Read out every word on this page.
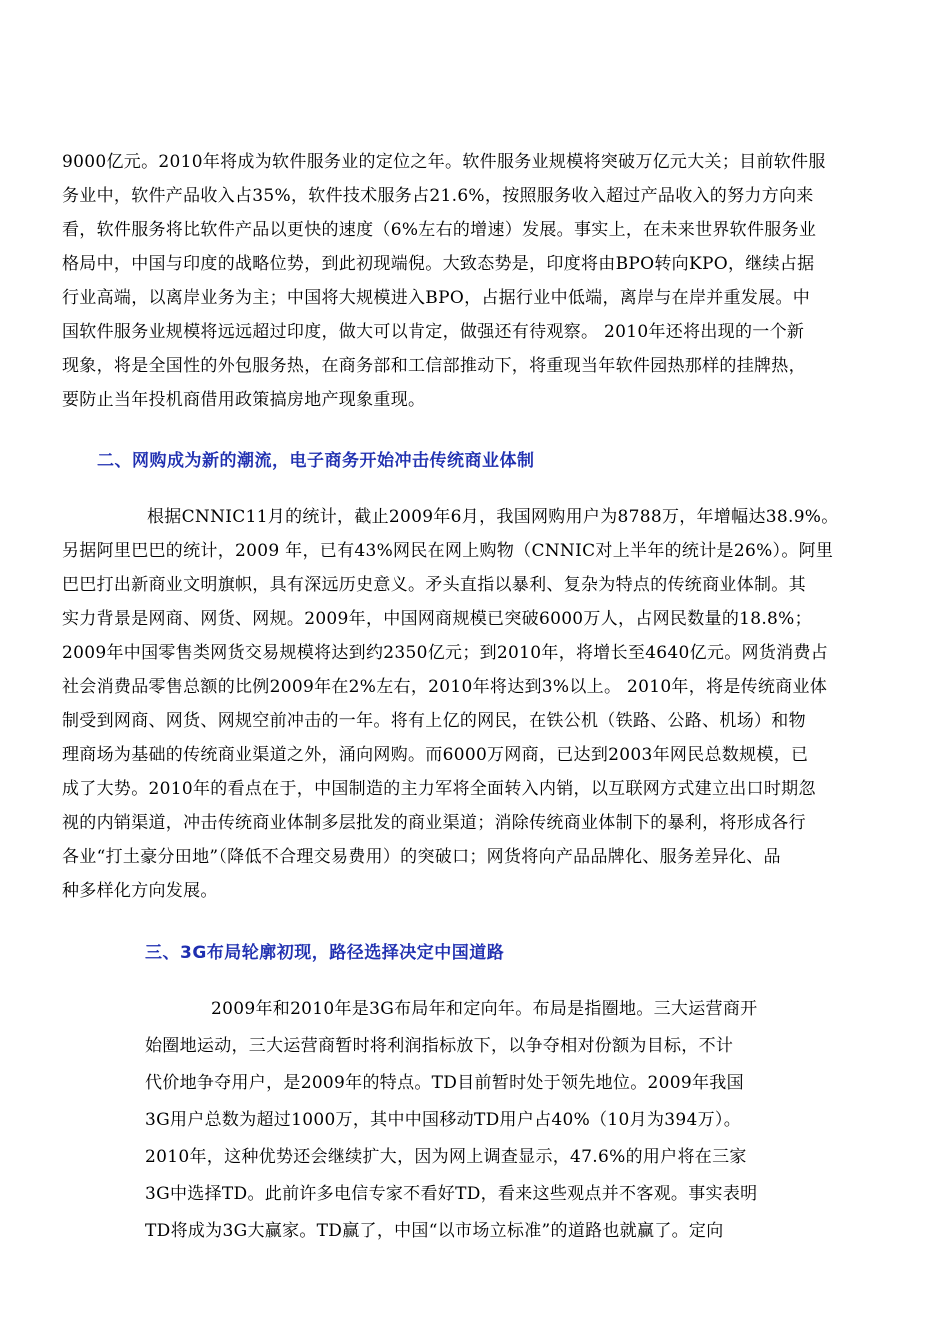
9000亿元。2010年将成为软件服务业的定位之年。软件服务业规模将突破万亿元大关；目前软件服
务业中，软件产品收入占35%，软件技术服务占21.6%，按照服务收入超过产品收入的努力方向来
看，软件服务将比软件产品以更快的速度（6%左右的增速）发展。事实上，在未来世界软件服务业
格局中，中国与印度的战略位势，到此初现端倪。大致态势是，印度将由BPO转向KPO，继续占据
行业高端，以离岸业务为主；中国将大规模进入BPO，占据行业中低端，离岸与在岸并重发展。中
国软件服务业规模将远远超过印度，做大可以肯定，做强还有待观察。 2010年还将出现的一个新
现象，将是全国性的外包服务热，在商务部和工信部推动下，将重现当年软件园热那样的挂牌热，
要防止当年投机商借用政策搞房地产现象重现。
二、网购成为新的潮流，电子商务开始冲击传统商业体制
根据CNNIC11月的统计，截止2009年6月，我国网购用户为8788万，年增幅达38.9%。
另据阿里巴巴的统计，2009 年，已有43%网民在网上购物（CNNIC对上半年的统计是26%）。阿里
巴巴打出新商业文明旗帜，具有深远历史意义。矛头直指以暴利、复杂为特点的传统商业体制。其
实力背景是网商、网货、网规。2009年，中国网商规模已突破6000万人，占网民数量的18.8%；
2009年中国零售类网货交易规模将达到约2350亿元；到2010年，将增长至4640亿元。网货消费占
社会消费品零售总额的比例2009年在2%左右，2010年将达到3%以上。 2010年，将是传统商业体
制受到网商、网货、网规空前冲击的一年。将有上亿的网民，在铁公机（铁路、公路、机场）和物
理商场为基础的传统商业渠道之外，涌向网购。而6000万网商，已达到2003年网民总数规模，已
成了大势。2010年的看点在于，中国制造的主力军将全面转入内销，以互联网方式建立出口时期忽
视的内销渠道，冲击传统商业体制多层批发的商业渠道；消除传统商业体制下的暴利，将形成各行
各业“打土豪分田地”（降低不合理交易费用）的突破口；网货将向产品品牌化、服务差异化、品
种多样化方向发展。
三、3G布局轮廓初现，路径选择决定中国道路
2009年和2010年是3G布局年和定向年。布局是指圈地。三大运营商开
始圈地运动，三大运营商暂时将利润指标放下，以争夺相对份额为目标，不计
代价地争夺用户，是2009年的特点。TD目前暂时处于领先地位。2009年我国
3G用户总数为超过1000万，其中中国移动TD用户占40%（10月为394万）。
2010年，这种优势还会继续扩大，因为网上调查显示，47.6%的用户将在三家
3G中选择TD。此前许多电信专家不看好TD，看来这些观点并不客观。事实表明
TD将成为3G大赢家。TD赢了，中国“以市场立标准”的道路也就赢了。定向
